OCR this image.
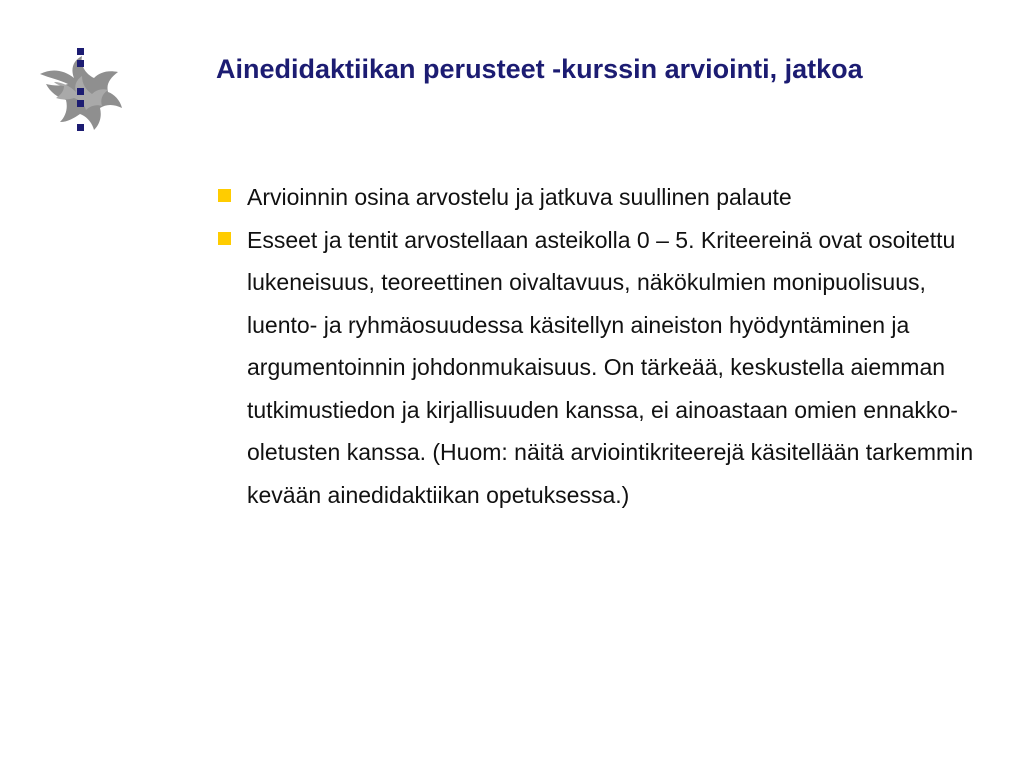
Ainedidaktiikan perusteet -kurssin arviointi, jatkoa
Arvioinnin osina arvostelu ja jatkuva suullinen palaute
Esseet ja tentit arvostellaan asteikolla 0 – 5. Kriteereinä ovat osoitettu lukeneisuus, teoreettinen oivaltavuus, näkökulmien monipuolisuus, luento- ja ryhmäosuudessa käsitellyn aineiston hyödyntäminen ja argumentoinnin johdonmukaisuus. On tärkeää, keskustella aiemman tutkimustiedon ja kirjallisuuden kanssa, ei ainoastaan omien ennakko-oletusten kanssa. (Huom: näitä arviointikriteerejä käsitellään tarkemmin kevään ainedidaktiikan opetuksessa.)
